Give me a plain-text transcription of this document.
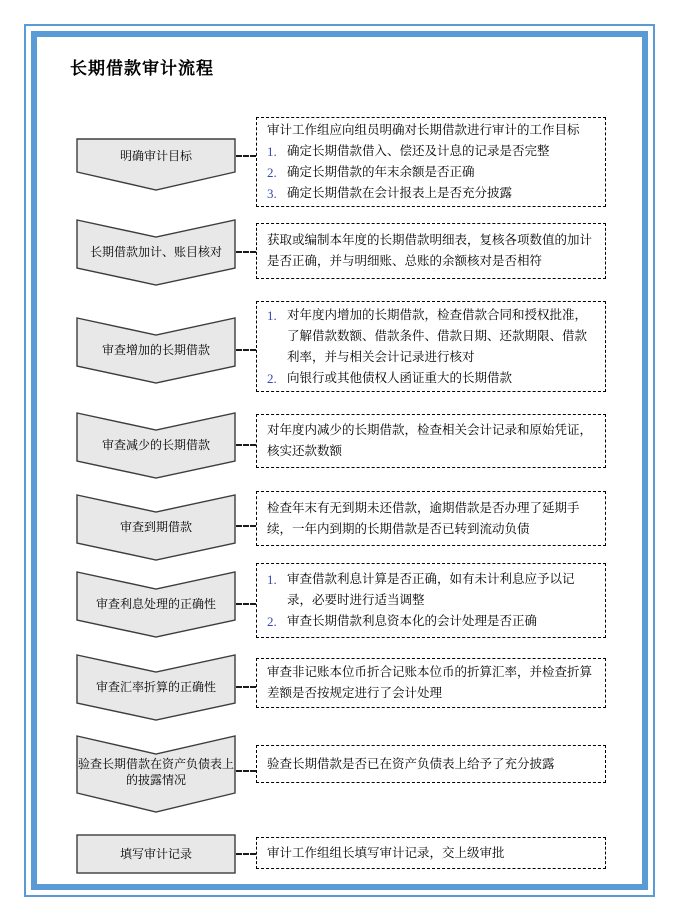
长期借款审计流程
明确审计目标
审计工作组应向组员明确对长期借款进行审计的工作目标
1. 确定长期借款借入、偿还及计息的记录是否完整
2. 确定长期借款的年末余额是否正确
3. 确定长期借款在会计报表上是否充分披露
长期借款加计、账目核对
获取或编制本年度的长期借款明细表，复核各项数值的加计是否正确，并与明细账、总账的余额核对是否相符
审查增加的长期借款
1. 对年度内增加的长期借款，检查借款合同和授权批准，了解借款数额、借款条件、借款日期、还款期限、借款利率，并与相关会计记录进行核对
2. 向银行或其他债权人函证重大的长期借款
审查减少的长期借款
对年度内减少的长期借款，检查相关会计记录和原始凭证，核实还款数额
审查到期借款
检查年末有无到期未还借款，逾期借款是否办理了延期手续，一年内到期的长期借款是否已转到流动负债
审查利息处理的正确性
1. 审查借款利息计算是否正确，如有未计利息应予以记录，必要时进行适当调整
2. 审查长期借款利息资本化的会计处理是否正确
审查汇率折算的正确性
审查非记账本位币折合记账本位币的折算汇率，并检查折算差额是否按规定进行了会计处理
验查长期借款在资产负债表上的披露情况
验查长期借款是否已在资产负债表上给予了充分披露
填写审计记录	审计工作组组长填写审计记录，交上级审批
